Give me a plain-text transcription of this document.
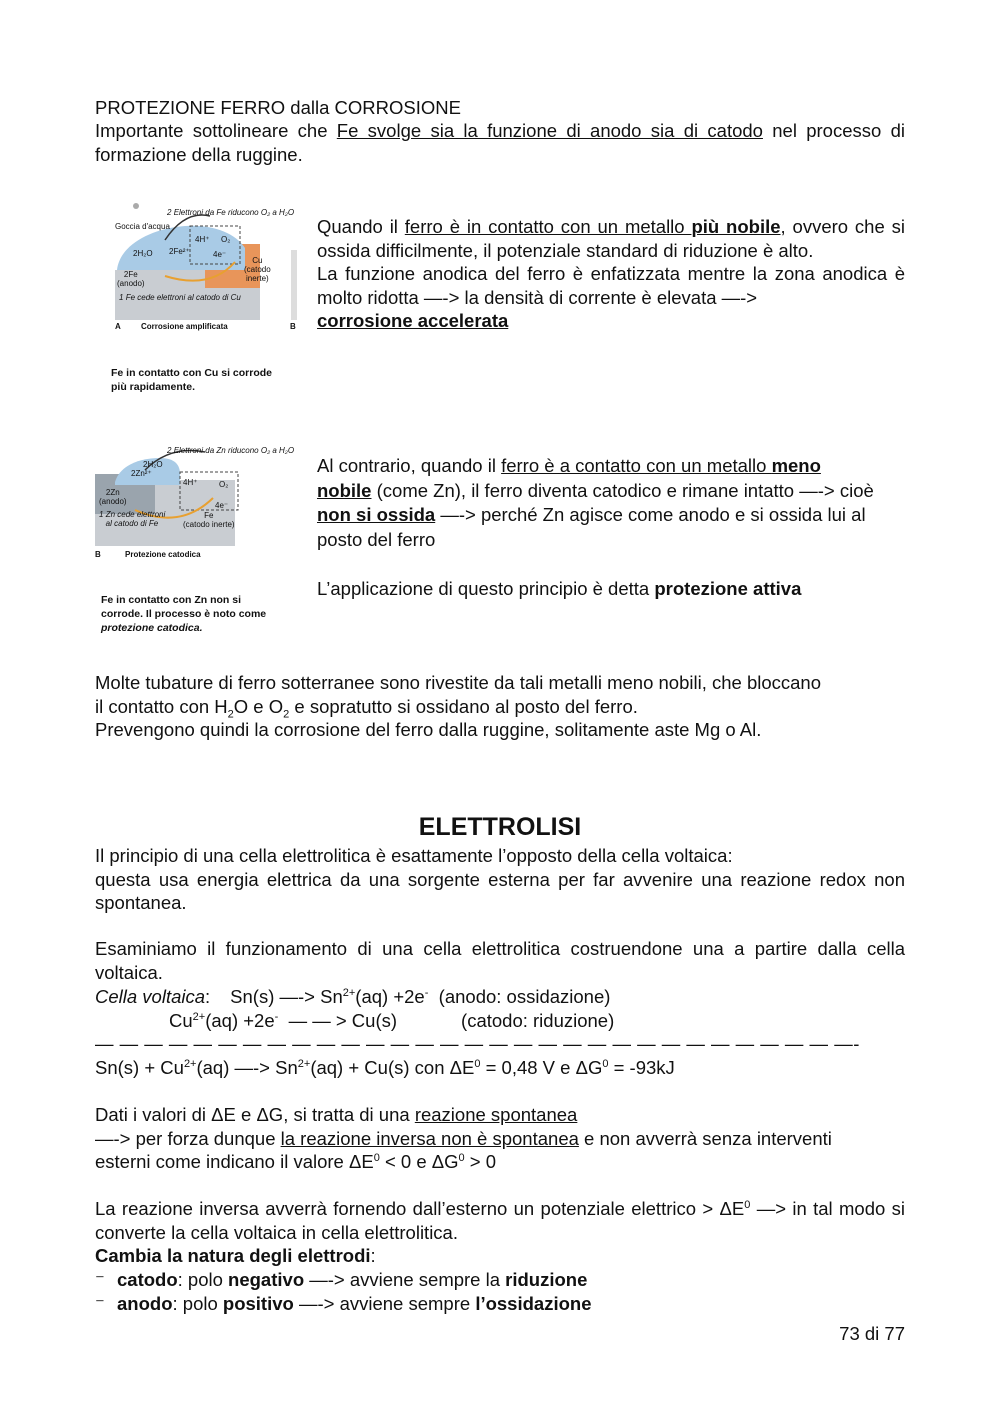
PROTEZIONE FERRO dalla CORROSIONE
Importante sottolineare che Fe svolge sia la funzione di anodo sia di catodo nel processo di formazione della ruggine.
2 Elettroni da Fe riducono O₂ a H₂O
Goccia d'acqua
4H⁺ O₂
2H₂O 2Fe²⁺	4e⁻
Cu
(catodo
inerte)
2Fe
(anodo)
1 Fe cede elettroni al catodo di Cu
A	Corrosione amplificata	B
Fe in contatto con Cu si corrode
più rapidamente.
Quando il ferro è in contatto con un metallo più nobile, ovvero che si ossida difficilmente, il potenziale standard di riduzione è alto.
La funzione anodica del ferro è enfatizzata mentre la zona anodica è molto ridotta —-> la densità di corrente è elevata —->
corrosione accelerata
2 Elettroni da Zn riducono O₂ a H₂O
2H₂O
2Zn²⁺
4H⁺	O₂
2Zn
(anodo)	4e⁻
1 Zn cede elettroni
al catodo di Fe
Fe
(catodo inerte)
B	Protezione catodica
Fe in contatto con Zn non si
corrode. Il processo è noto come
protezione catodica.
Al contrario, quando il ferro è a contatto con un metallo meno
nobile (come Zn), il ferro diventa catodico e rimane intatto —-> cioè non si ossida —-> perché Zn agisce come anodo e si ossida lui al posto del ferro
L’applicazione di questo principio è detta protezione attiva
Molte tubature di ferro sotterranee sono rivestite da tali metalli meno nobili, che bloccano
il contatto con $H_2O$ e $O_2$ e sopratutto si ossidano al posto del ferro.
Prevengono quindi la corrosione del ferro dalla ruggine, solitamente aste Mg o Al.
ELETTROLISI
Il principio di una cella elettrolitica è esattamente l’opposto della cella voltaica:
questa usa energia elettrica da una sorgente esterna per far avvenire una reazione redox non spontanea.
Esaminiamo il funzionamento di una cella elettrolitica costruendone una a partire dalla cella voltaica.
Cella voltaica: Sn(s) —-> $Sn^{2+}(aq) +2e^-$ (anodo: ossidazione)
$Cu^{2+}(aq) +2e^-$ — — > Cu(s)	(catodo: riduzione)
— — — — — — — — — — — — — — — — — — — — — — — — — — — — — — —-
$Sn(s) + Cu^{2+}(aq)$ —-> $Sn^{2+}(aq) + Cu(s)$ con $\Delta E^0 = 0,48$ V e $\Delta G^0 = -93kJ$
Dati i valori di ΔE e ΔG, si tratta di una reazione spontanea
—-> per forza dunque la reazione inversa non è spontanea e non avverrà senza interventi
esterni come indicano il valore $\Delta E^0 < 0$ e $\Delta G^0 > 0$
La reazione inversa avverrà fornendo dall’esterno un potenziale elettrico > $\Delta E^0$ —> in tal modo si converte la cella voltaica in cella elettrolitica.
Cambia la natura degli elettrodi:
⁻ catodo: polo negativo —-> avviene sempre la riduzione
⁻ anodo: polo positivo —-> avviene sempre l’ossidazione
73 di 77
